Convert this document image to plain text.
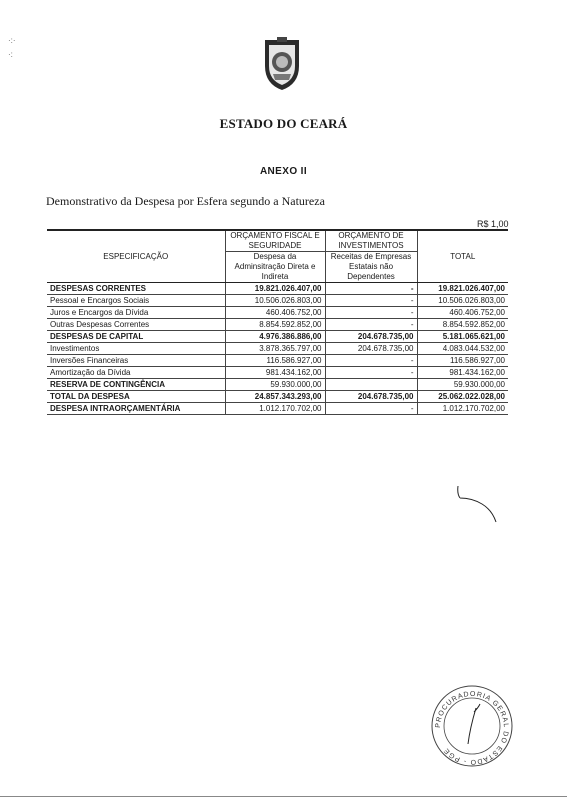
·:·
·:
ESTADO DO CEARÁ
ANEXO II
Demonstrativo da Despesa por Esfera segundo a Natureza
R$ 1,00
ESPECIFICAÇÃO	ORÇAMENTO FISCAL E SEGURIDADE	ORÇAMENTO DE INVESTIMENTOS	TOTAL
	Despesa da Adminsitração Direta e Indireta	Receitas de Empresas Estatais não Dependentes	
DESPESAS CORRENTES	19.821.026.407,00	-	19.821.026.407,00
Pessoal e Encargos Sociais	10.506.026.803,00	-	10.506.026.803,00
Juros e Encargos da Dívida	460.406.752,00	-	460.406.752,00
Outras Despesas Correntes	8.854.592.852,00	-	8.854.592.852,00
DESPESAS DE CAPITAL	4.976.386.886,00	204.678.735,00	5.181.065.621,00
Investimentos	3.878.365.797,00	204.678.735,00	4.083.044.532,00
Inversões Financeiras	116.586.927,00	-	116.586.927,00
Amortização da Dívida	981.434.162,00	-	981.434.162,00
RESERVA DE CONTINGÊNCIA	59.930.000,00		59.930.000,00
TOTAL DA DESPESA	24.857.343.293,00	204.678.735,00	25.062.022.028,00
DESPESA INTRAORÇAMENTÁRIA	1.012.170.702,00	-	1.012.170.702,00
PROCURADORIA GERAL DO ESTADO - PGE
